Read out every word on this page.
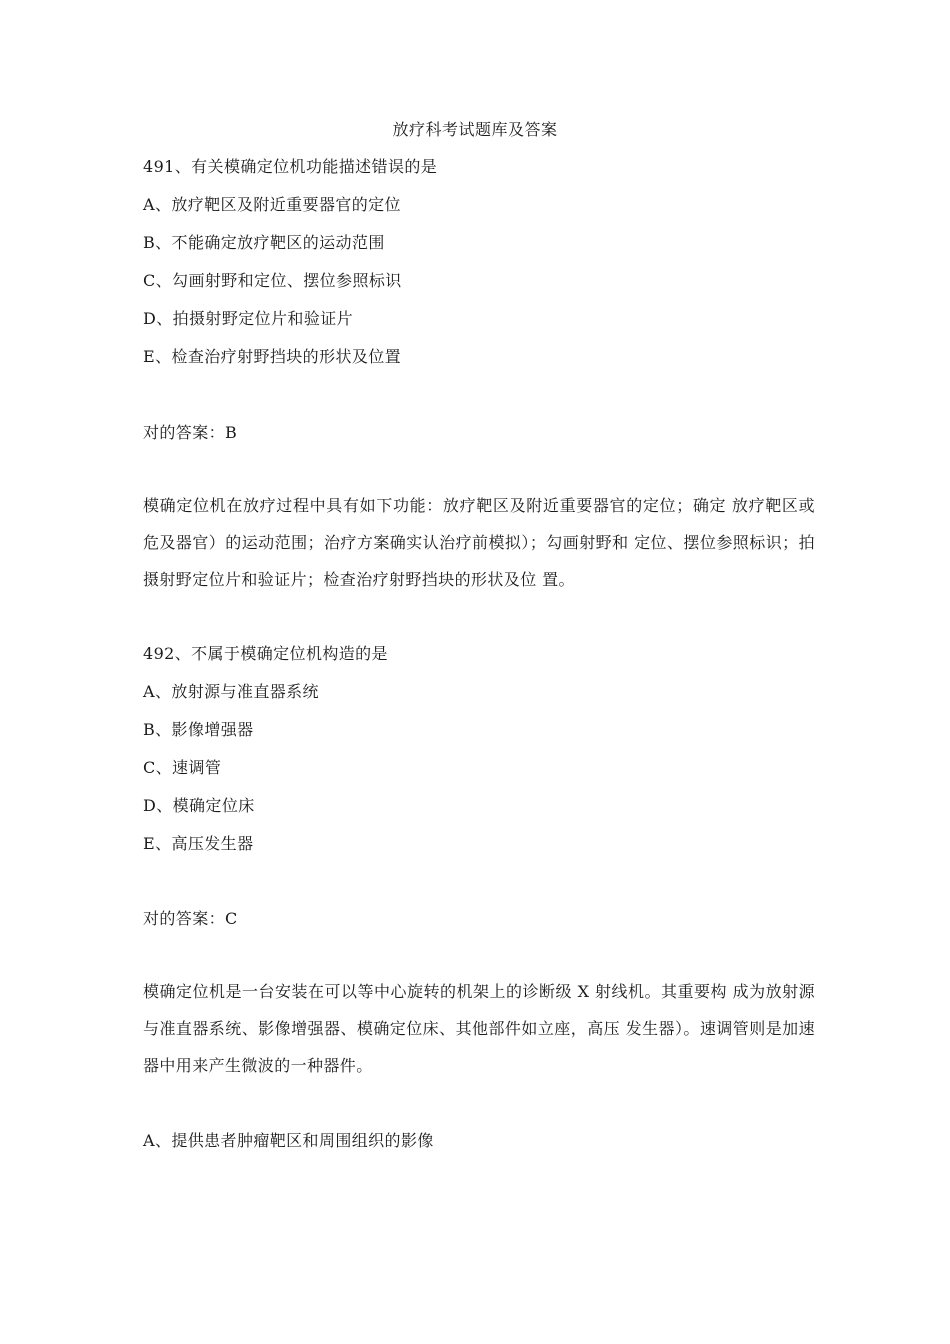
放疗科考试题库及答案
491、有关模确定位机功能描述错误的是
A、放疗靶区及附近重要器官的定位
B、不能确定放疗靶区的运动范围
C、勾画射野和定位、摆位参照标识
D、拍摄射野定位片和验证片
E、检查治疗射野挡块的形状及位置
对的答案：B
模确定位机在放疗过程中具有如下功能：放疗靶区及附近重要器官的定位；确定 放疗靶区或危及器官）的运动范围；治疗方案确实认治疗前模拟）；勾画射野和 定位、摆位参照标识；拍摄射野定位片和验证片；检查治疗射野挡块的形状及位 置。
492、不属于模确定位机构造的是
A、放射源与准直器系统
B、影像增强器
C、速调管
D、模确定位床
E、高压发生器
对的答案：C
模确定位机是一台安装在可以等中心旋转的机架上的诊断级 X 射线机。其重要构 成为放射源与准直器系统、影像增强器、模确定位床、其他部件如立座，高压 发生器）。速调管则是加速器中用来产生微波的一种器件。
A、提供患者肿瘤靶区和周围组织的影像
